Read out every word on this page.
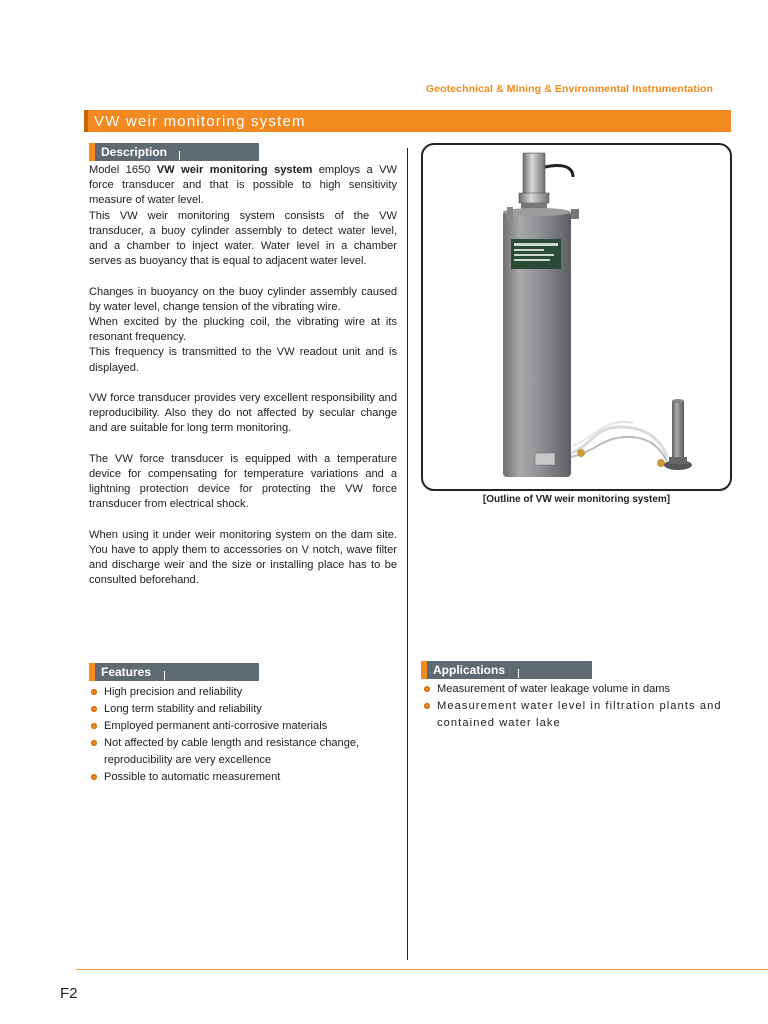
Geotechnical & Mining & Environmental Instrumentation
VW weir monitoring system
Description

Model 1650 VW weir monitoring system employs a VW force transducer and that is possible to high sensitivity measure of water level.
This VW weir monitoring system consists of the VW transducer, a buoy cylinder assembly to detect water level, and a chamber to inject water. Water level in a chamber serves as buoyancy that is equal to adjacent water level.

Changes in buoyancy on the buoy cylinder assembly caused by water level, change tension of the vibrating wire.
When excited by the plucking coil, the vibrating wire at its resonant frequency.
This frequency is transmitted to the VW readout unit and is displayed.

VW force transducer provides very excellent responsibility and reproducibility. Also they do not affected by secular change and are suitable for long term monitoring.

The VW force transducer is equipped with a temperature device for compensating for temperature variations and a lightning protection device for protecting the VW force transducer from electrical shock.

When using it under weir monitoring system on the dam site. You have to apply them to accessories on V notch, wave filter and discharge weir and the size or installing place has to be consulted beforehand.

[Outline of VW weir monitoring system]
Features
High precision and reliability
Long term stability and reliability
Employed permanent anti-corrosive materials
Not affected by cable length and resistance change, reproducibility are very excellence
Possible to automatic measurement
Applications
Measurement of water leakage volume in dams
Measurement water level in filtration plants and contained water lake
F2
